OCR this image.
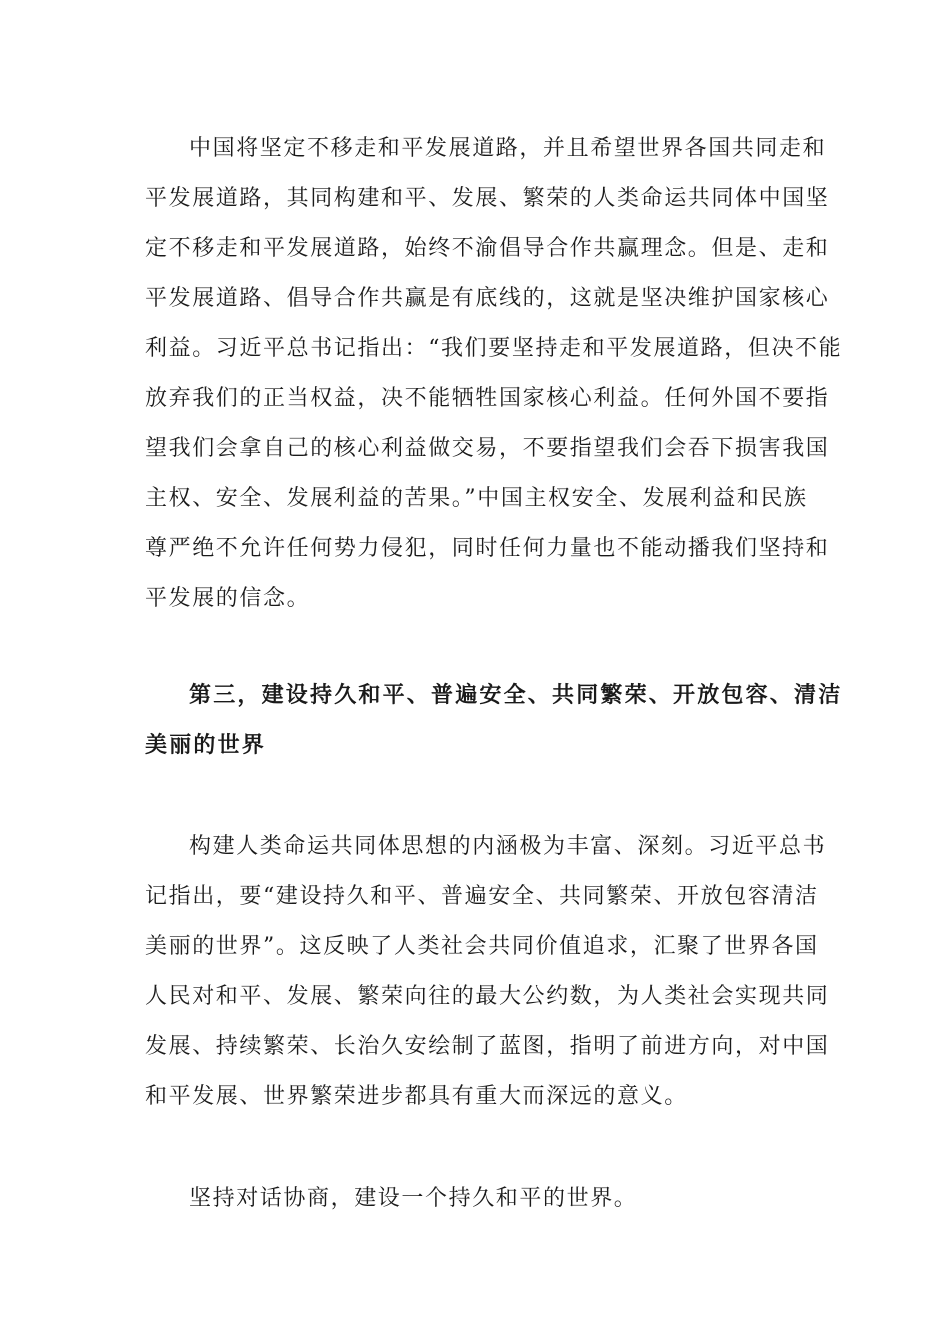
中国将坚定不移走和平发展道路，并且希望世界各国共同走和
平发展道路，其同构建和平、发展、繁荣的人类命运共同体中国坚
定不移走和平发展道路，始终不渝倡导合作共赢理念。但是、走和
平发展道路、倡导合作共赢是有底线的，这就是坚决维护国家核心
利益。习近平总书记指出：“我们要坚持走和平发展道路，但决不能
放弃我们的正当权益，决不能牺牲国家核心利益。任何外国不要指
望我们会拿自己的核心利益做交易，不要指望我们会吞下损害我国
主权、安全、发展利益的苦果。”中国主权安全、发展利益和民族
尊严绝不允许任何势力侵犯，同时任何力量也不能动播我们坚持和
平发展的信念。
第三，建设持久和平、普遍安全、共同繁荣、开放包容、清洁
美丽的世界
构建人类命运共同体思想的内涵极为丰富、深刻。习近平总书
记指出，要“建设持久和平、普遍安全、共同繁荣、开放包容清洁
美丽的世界”。这反映了人类社会共同价值追求，汇聚了世界各国
人民对和平、发展、繁荣向往的最大公约数，为人类社会实现共同
发展、持续繁荣、长治久安绘制了蓝图，指明了前进方向，对中国
和平发展、世界繁荣进步都具有重大而深远的意义。
坚持对话协商，建设一个持久和平的世界。
